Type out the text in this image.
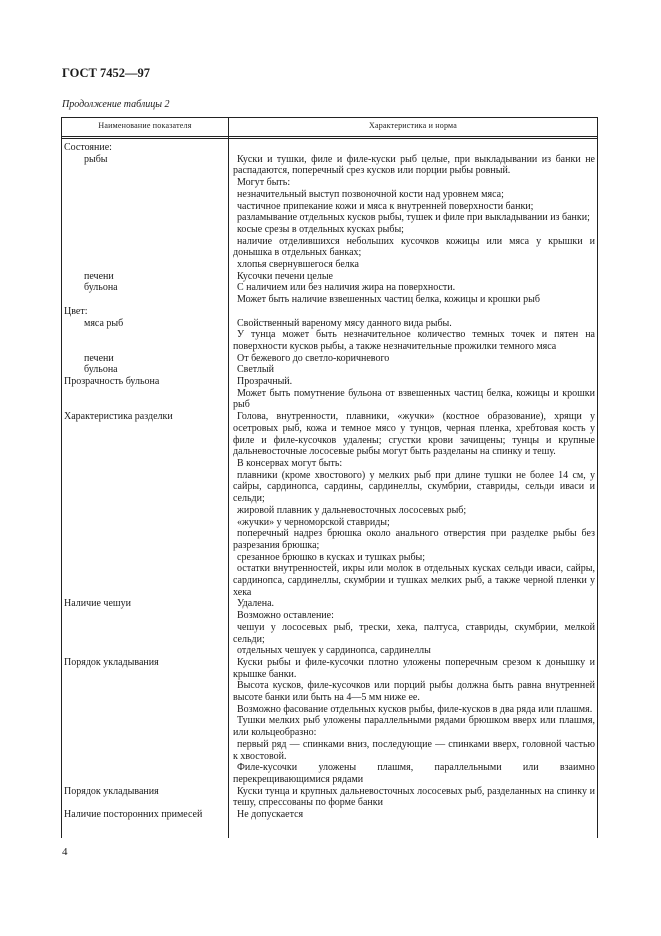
ГОСТ 7452—97
Продолжение таблицы 2
Наименование показателя	Характеристика и норма
Состояние:
рыбы	Куски и тушки, филе и филе-куски рыб целые, при выкладывании из банки не распадаются, поперечный срез кусков или порции рыбы ровный.
Могут быть:
незначительный выступ позвоночной кости над уровнем мяса;
частичное припекание кожи и мяса к внутренней поверхности банки;
разламывание отдельных кусков рыбы, тушек и филе при выкладывании из банки;
косые срезы в отдельных кусках рыбы;
наличие отделившихся небольших кусочков кожицы или мяса у крышки и донышка в отдельных банках;
хлопья свернувшегося белка
печени	Кусочки печени целые
бульона	С наличием или без наличия жира на поверхности.
Может быть наличие взвешенных частиц белка, кожицы и крошки рыб
Цвет:
мяса рыб	Свойственный вареному мясу данного вида рыбы.
У тунца может быть незначительное количество темных точек и пятен на поверхности кусков рыбы, а также незначительные прожилки темного мяса
печени	От бежевого до светло-коричневого
бульона	Светлый
Прозрачность бульона	Прозрачный.
Может быть помутнение бульона от взвешенных частиц белка, кожицы и крошки рыб
Характеристика разделки	Голова, внутренности, плавники, «жучки» (костное образование), хрящи у осетровых рыб, кожа и темное мясо у тунцов, черная пленка, хребтовая кость у филе и филе-кусочков удалены; сгустки крови зачищены; тунцы и крупные дальневосточные лососевые рыбы могут быть разделаны на спинку и тешу.
В консервах могут быть:
плавники (кроме хвостового) у мелких рыб при длине тушки не более 14 см, у сайры, сардинопса, сардины, сардинеллы, скумбрии, ставриды, сельди иваси и сельди;
жировой плавник у дальневосточных лососевых рыб;
«жучки» у черноморской ставриды;
поперечный надрез брюшка около анального отверстия при разделке рыбы без разрезания брюшка;
срезанное брюшко в кусках и тушках рыбы;
остатки внутренностей, икры или молок в отдельных кусках сельди иваси, сайры, сардинопса, сардинеллы, скумбрии и тушках мелких рыб, а также черной пленки у хека
Наличие чешуи	Удалена.
Возможно оставление:
чешуи у лососевых рыб, трески, хека, палтуса, ставриды, скумбрии, мелкой сельди;
отдельных чешуек у сардинопса, сардинеллы
Порядок укладывания	Куски рыбы и филе-кусочки плотно уложены поперечным срезом к донышку и крышке банки.
Высота кусков, филе-кусочков или порций рыбы должна быть равна внутренней высоте банки или быть на 4—5 мм ниже ее.
Возможно фасование отдельных кусков рыбы, филе-кусков в два ряда или плашмя.
Тушки мелких рыб уложены параллельными рядами брюшком вверх или плашмя, или кольцеобразно:
первый ряд — спинками вниз, последующие — спинками вверх, головной частью к хвостовой.
Филе-кусочки уложены плашмя, параллельными или взаимно перекрещивающимися рядами
Порядок укладывания	Куски тунца и крупных дальневосточных лососевых рыб, разделанных на спинку и тешу, спрессованы по форме банки
Наличие посторонних примесей	Не допускается
4
